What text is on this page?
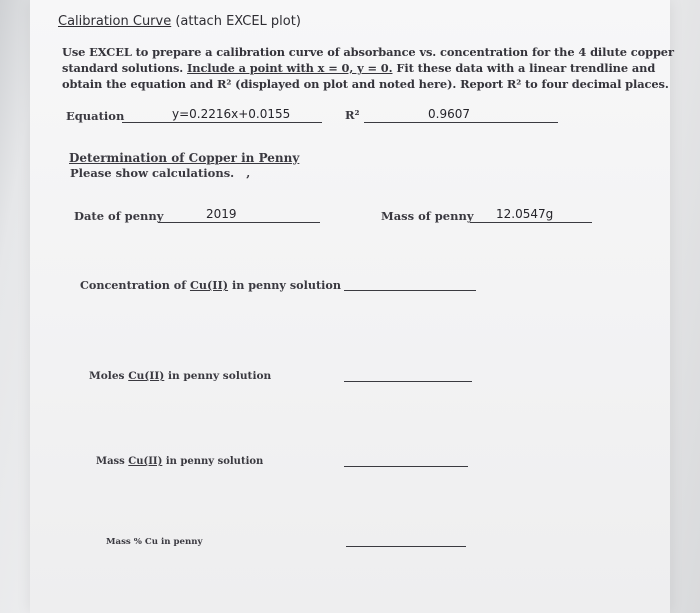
Calibration Curve (attach EXCEL plot)
Use EXCEL to prepare a calibration curve of absorbance vs. concentration for the 4 dilute copper
standard solutions. Include a point with x = 0, y = 0. Fit these data with a linear trendline and
obtain the equation and R² (displayed on plot and noted here). Report R² to four decimal places.
Equation	y=0.2216x+0.0155	R²	0.9607
Determination of Copper in Penny
Please show calculations. ,
Date of penny	2019	Mass of penny 12.0547g
Concentration of Cu(II) in penny solution
Moles Cu(II) in penny solution
Mass Cu(II) in penny solution
Mass % Cu in penny
